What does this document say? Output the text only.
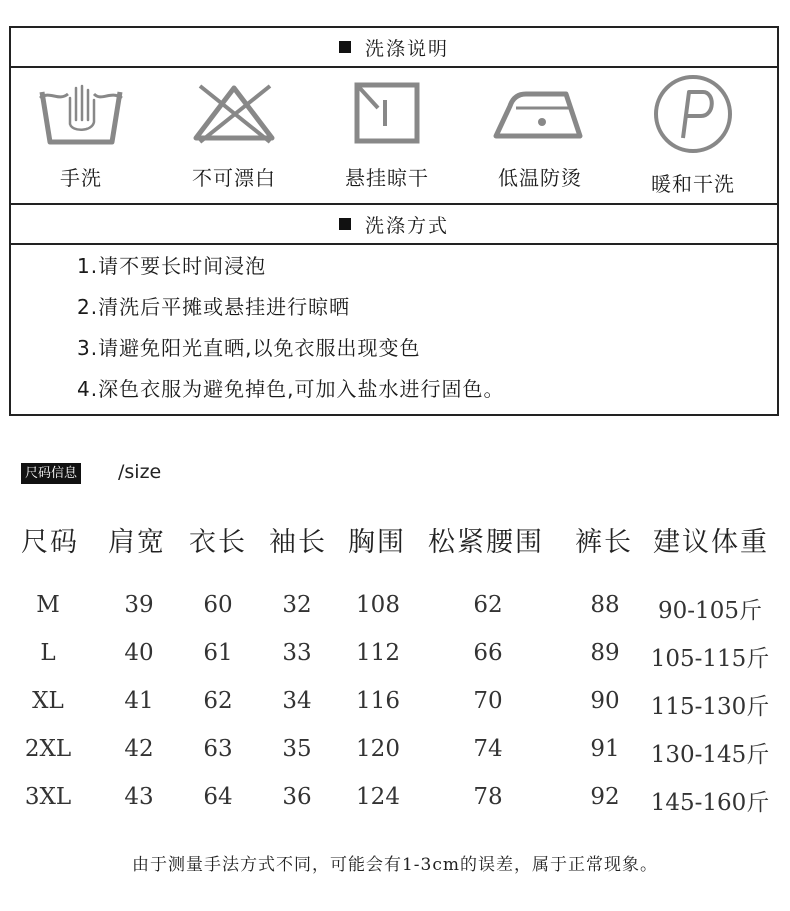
洗涤说明
手洗	不可漂白	悬挂晾干	低温防烫	暖和干洗
洗涤方式
1.请不要长时间浸泡
2.清洗后平摊或悬挂进行晾晒
3.请避免阳光直晒,以免衣服出现变色
4.深色衣服为避免掉色,可加入盐水进行固色。
尺码信息 /size
尺码 肩宽 衣长 袖长 胸围 松紧腰围 裤长 建议体重
M	39 60 32 108	62	88 90-105斤
L	40 61 33 112	66	89 105-115斤
XL	41 62 34 116	70	90 115-130斤
2XL 42 63 35 120	74	91 130-145斤
3XL 43 64 36 124	78	92 145-160斤
由于测量手法方式不同，可能会有1-3cm的误差，属于正常现象。
